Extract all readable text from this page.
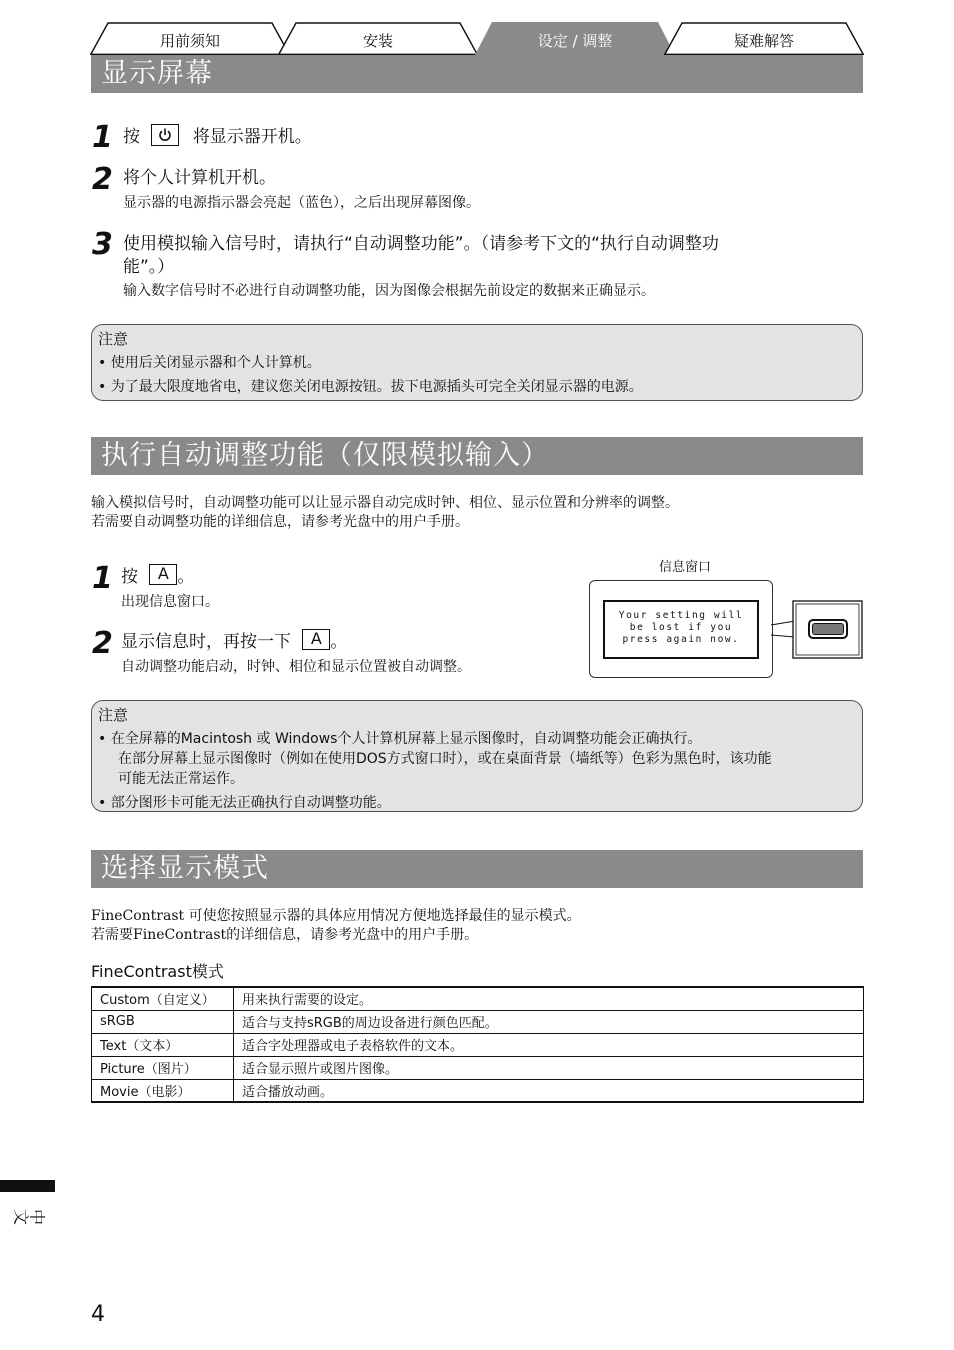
用前须知	安装	设定 / 调整	疑难解答
显示屏幕
1 按	将显示器开机。
2 将个人计算机开机。
显示器的电源指示器会亮起（蓝色），之后出现屏幕图像。
3 使用模拟输入信号时，请执行“自动调整功能”。（请参考下文的“执行自动调整功
能”。）
输入数字信号时不必进行自动调整功能，因为图像会根据先前设定的数据来正确显示。
注意
• 使用后关闭显示器和个人计算机。
• 为了最大限度地省电，建议您关闭电源按钮。拔下电源插头可完全关闭显示器的电源。
执行自动调整功能（仅限模拟输入）
输入模拟信号时，自动调整功能可以让显示器自动完成时钟、相位、显示位置和分辨率的调整。
若需要自动调整功能的详细信息，请参考光盘中的用户手册。
1 按 A 。
出现信息窗口。
2 显示信息时，再按一下 A 。
自动调整功能启动，时钟、相位和显示位置被自动调整。
信息窗口
Your setting will
be lost if you
press again now.
注意
• 在全屏幕的Macintosh 或 Windows个人计算机屏幕上显示图像时，自动调整功能会正确执行。
在部分屏幕上显示图像时（例如在使用DOS方式窗口时），或在桌面背景（墙纸等）色彩为黑色时，该功能
可能无法正常运作。
• 部分图形卡可能无法正确执行自动调整功能。
选择显示模式
FineContrast 可使您按照显示器的具体应用情况方便地选择最佳的显示模式。
若需要FineContrast的详细信息，请参考光盘中的用户手册。
FineContrast模式
Custom（自定义）	用来执行需要的设定。
sRGB	适合与支持sRGB的周边设备进行颜色匹配。
Text（文本）	适合字处理器或电子表格软件的文本。
Picture（图片）	适合显示照片或图片图像。
Movie（电影）	适合播放动画。
中文
4
